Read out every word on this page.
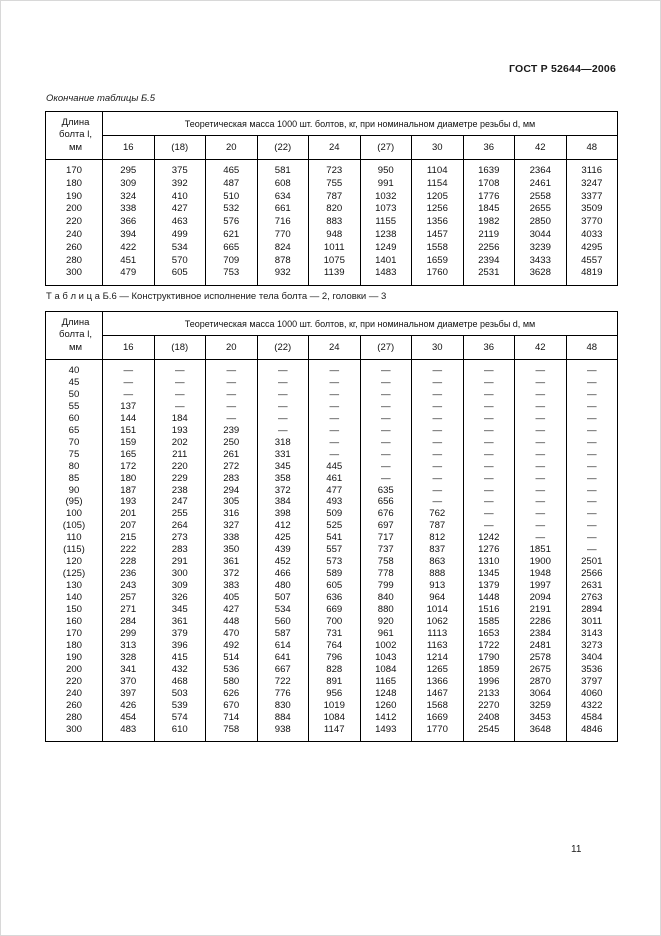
ГОСТ Р 52644—2006
Окончание таблицы Б.5
Длина болта l, мм	Теоретическая масса 1000 шт. болтов, кг, при номинальном диаметре резьбы d, мм									
	16	(18)	20	(22)	24	(27)	30	36	42	48
170	295	375	465	581	723	950	1104	1639	2364	3116
180	309	392	487	608	755	991	1154	1708	2461	3247
190	324	410	510	634	787	1032	1205	1776	2558	3377
200	338	427	532	661	820	1073	1256	1845	2655	3509
220	366	463	576	716	883	1155	1356	1982	2850	3770
240	394	499	621	770	948	1238	1457	2119	3044	4033
260	422	534	665	824	1011	1249	1558	2256	3239	4295
280	451	570	709	878	1075	1401	1659	2394	3433	4557
300	479	605	753	932	1139	1483	1760	2531	3628	4819
Т а б л и ц а Б.6 — Конструктивное исполнение тела болта — 2, головки — 3
Длина болта l, мм	Теоретическая масса 1000 шт. болтов, кг, при номинальном диаметре резьбы d, мм									
	16	(18)	20	(22)	24	(27)	30	36	42	48
40	—	—	—	—	—	—	—	—	—	—
45	—	—	—	—	—	—	—	—	—	—
50	—	—	—	—	—	—	—	—	—	—
55	137	—	—	—	—	—	—	—	—	—
60	144	184	—	—	—	—	—	—	—	—
65	151	193	239	—	—	—	—	—	—	—
70	159	202	250	318	—	—	—	—	—	—
75	165	211	261	331	—	—	—	—	—	—
80	172	220	272	345	445	—	—	—	—	—
85	180	229	283	358	461	—	—	—	—	—
90	187	238	294	372	477	635	—	—	—	—
(95)	193	247	305	384	493	656	—	—	—	—
100	201	255	316	398	509	676	762	—	—	—
(105)	207	264	327	412	525	697	787	—	—	—
110	215	273	338	425	541	717	812	1242	—	—
(115)	222	283	350	439	557	737	837	1276	1851	—
120	228	291	361	452	573	758	863	1310	1900	2501
(125)	236	300	372	466	589	778	888	1345	1948	2566
130	243	309	383	480	605	799	913	1379	1997	2631
140	257	326	405	507	636	840	964	1448	2094	2763
150	271	345	427	534	669	880	1014	1516	2191	2894
160	284	361	448	560	700	920	1062	1585	2286	3011
170	299	379	470	587	731	961	1113	1653	2384	3143
180	313	396	492	614	764	1002	1163	1722	2481	3273
190	328	415	514	641	796	1043	1214	1790	2578	3404
200	341	432	536	667	828	1084	1265	1859	2675	3536
220	370	468	580	722	891	1165	1366	1996	2870	3797
240	397	503	626	776	956	1248	1467	2133	3064	4060
260	426	539	670	830	1019	1260	1568	2270	3259	4322
280	454	574	714	884	1084	1412	1669	2408	3453	4584
300	483	610	758	938	1147	1493	1770	2545	3648	4846
11
